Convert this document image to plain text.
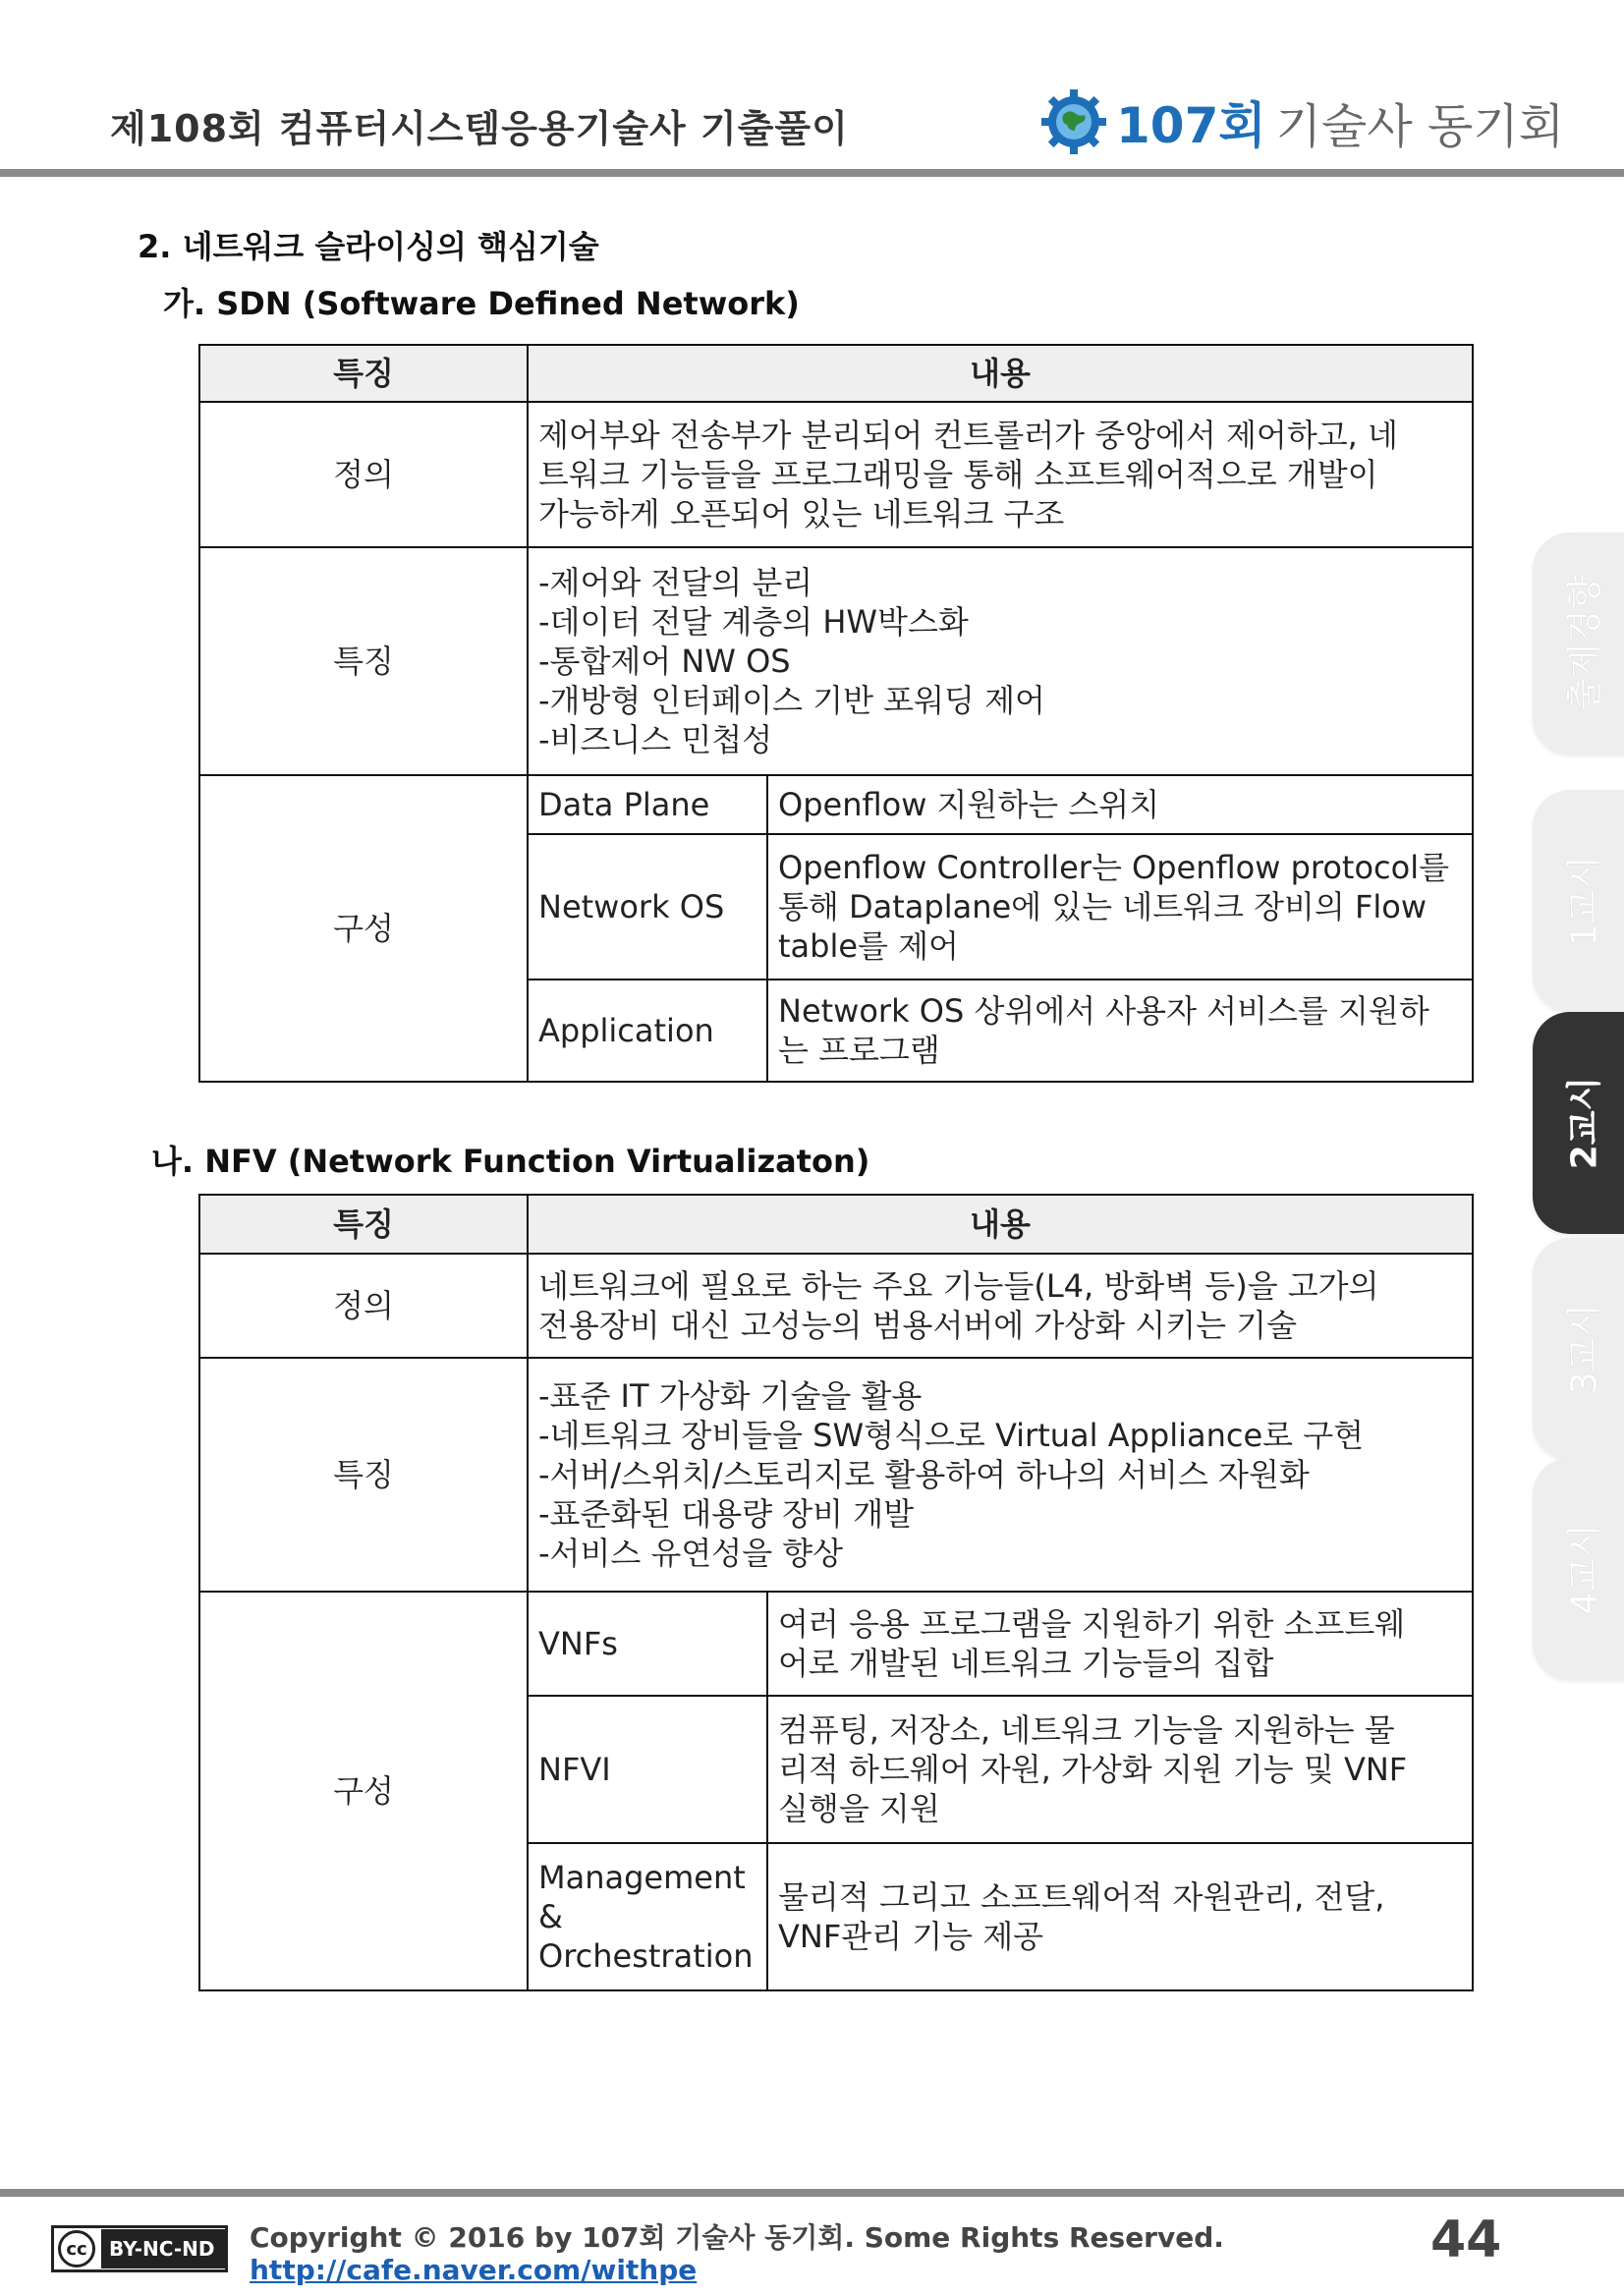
제108회 컴퓨터시스템응용기술사 기출풀이	107회 기술사 동기회
2. 네트워크 슬라이싱의 핵심기술
가. SDN (Software Defined Network)
특징	내용	
정의	제어부와 전송부가 분리되어 컨트롤러가 중앙에서 제어하고, 네
트워크 기능들을 프로그래밍을 통해 소프트웨어적으로 개발이
가능하게 오픈되어 있는 네트워크 구조	

특징	-제어와 전달의 분리
-데이터 전달 계층의 HW박스화
-통합제어 NW OS
-개방형 인터페이스 기반 포워딩 제어
-비즈니스 민첩성	

구성	Data Plane	Openflow 지원하는 스위치

	Network OS	Openflow Controller는 Openflow protocol를
통해 Dataplane에 있는 네트워크 장비의 Flow
table를 제어

	Application	Network OS 상위에서 사용자 서비스를 지원하
는 프로그램
나. NFV (Network Function Virtualizaton)
특징	내용	
정의	네트워크에 필요로 하는 주요 기능들(L4, 방화벽 등)을 고가의
전용장비 대신 고성능의 범용서버에 가상화 시키는 기술	

특징	-표준 IT 가상화 기술을 활용
-네트워크 장비들을 SW형식으로 Virtual Appliance로 구현
-서버/스위치/스토리지로 활용하여 하나의 서비스 자원화
-표준화된 대용량 장비 개발
-서비스 유연성을 향상	

구성	VNFs	여러 응용 프로그램을 지원하기 위한 소프트웨
어로 개발된 네트워크 기능들의 집합

	NFVI	컴퓨팅, 저장소, 네트워크 기능을 지원하는 물
리적 하드웨어 자원, 가상화 지원 기능 및 VNF
실행을 지원

	Management
&
Orchestration	물리적 그리고 소프트웨어적 자원관리, 전달,
VNF관리 기능 제공
출제경향
1교시
2교시
3교시
4교시
cc	BY-NC-ND	Copyright © 2016 by 107회 기술사 동기회. Some Rights Reserved.
http://cafe.naver.com/withpe
44
